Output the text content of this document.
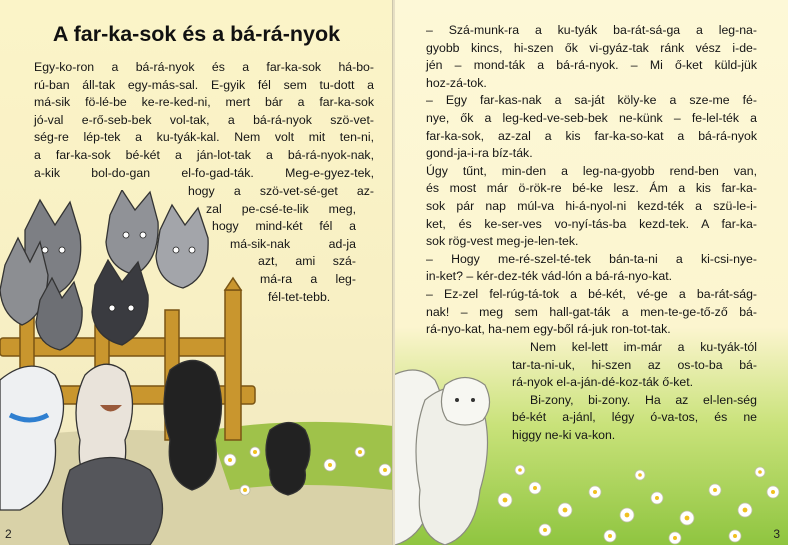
A far-ka-sok és a bá-rá-nyok
Egy-ko-ron a bá-rá-nyok és a far-ka-sok há-bo-
rú-ban áll-tak egy-más-sal. E-gyik fél sem tu-dott a
má-sik fö-lé-be ke-re-ked-ni, mert bár a far-ka-sok
jó-val e-rő-seb-bek vol-tak, a bá-rá-nyok szö-vet-
ség-re lép-tek a ku-tyák-kal. Nem volt mit ten-ni,
a far-ka-sok bé-két a ján-lot-tak a bá-rá-nyok-nak,
a-kik bol-do-gan el-fo-gad-ták. Meg-e-gyez-tek,
hogy a szö-vet-sé-get az-
zal pe-csé-te-lik meg,
hogy mind-két fél a
má-sik-nak ad-ja
azt, ami szá-
má-ra a leg-
fél-tet-tebb.
2
– Szá-munk-ra a ku-tyák ba-rát-sá-ga a leg-na-
gyobb kincs, hi-szen ők vi-gyáz-tak ránk vész i-de-
jén – mond-ták a bá-rá-nyok. – Mi ő-ket küld-jük
hoz-zá-tok.
– Egy far-kas-nak a sa-ját köly-ke a sze-me fé-
nye, ők a leg-ked-ve-seb-bek ne-künk – fe-lel-ték a
far-ka-sok, az-zal a kis far-ka-so-kat a bá-rá-nyok
gond-ja-i-ra bíz-ták.
Úgy tűnt, min-den a leg-na-gyobb rend-ben van,
és most már ö-rök-re bé-ke lesz. Ám a kis far-ka-
sok pár nap múl-va hi-á-nyol-ni kezd-ték a szü-le-i-
ket, és ke-ser-ves vo-nyí-tás-ba kezd-tek. A far-ka-
sok rög-vest meg-je-len-tek.
– Hogy me-ré-szel-té-tek bán-ta-ni a ki-csi-nye-
in-ket? – kér-dez-ték vád-lón a bá-rá-nyo-kat.
– Ez-zel fel-rúg-tá-tok a bé-két, vé-ge a ba-rát-ság-
nak! – meg sem hall-gat-ták a men-te-ge-tő-ző bá-
rá-nyo-kat, ha-nem egy-ből rá-juk ron-tot-tak.
Nem kel-lett im-már a ku-tyák-tól
tar-ta-ni-uk, hi-szen az os-to-ba bá-
rá-nyok el-a-ján-dé-koz-ták ő-ket.
Bi-zony, bi-zony. Ha az el-len-ség
bé-két a-jánl, légy ó-va-tos, és ne
higgy ne-ki va-kon.
3
